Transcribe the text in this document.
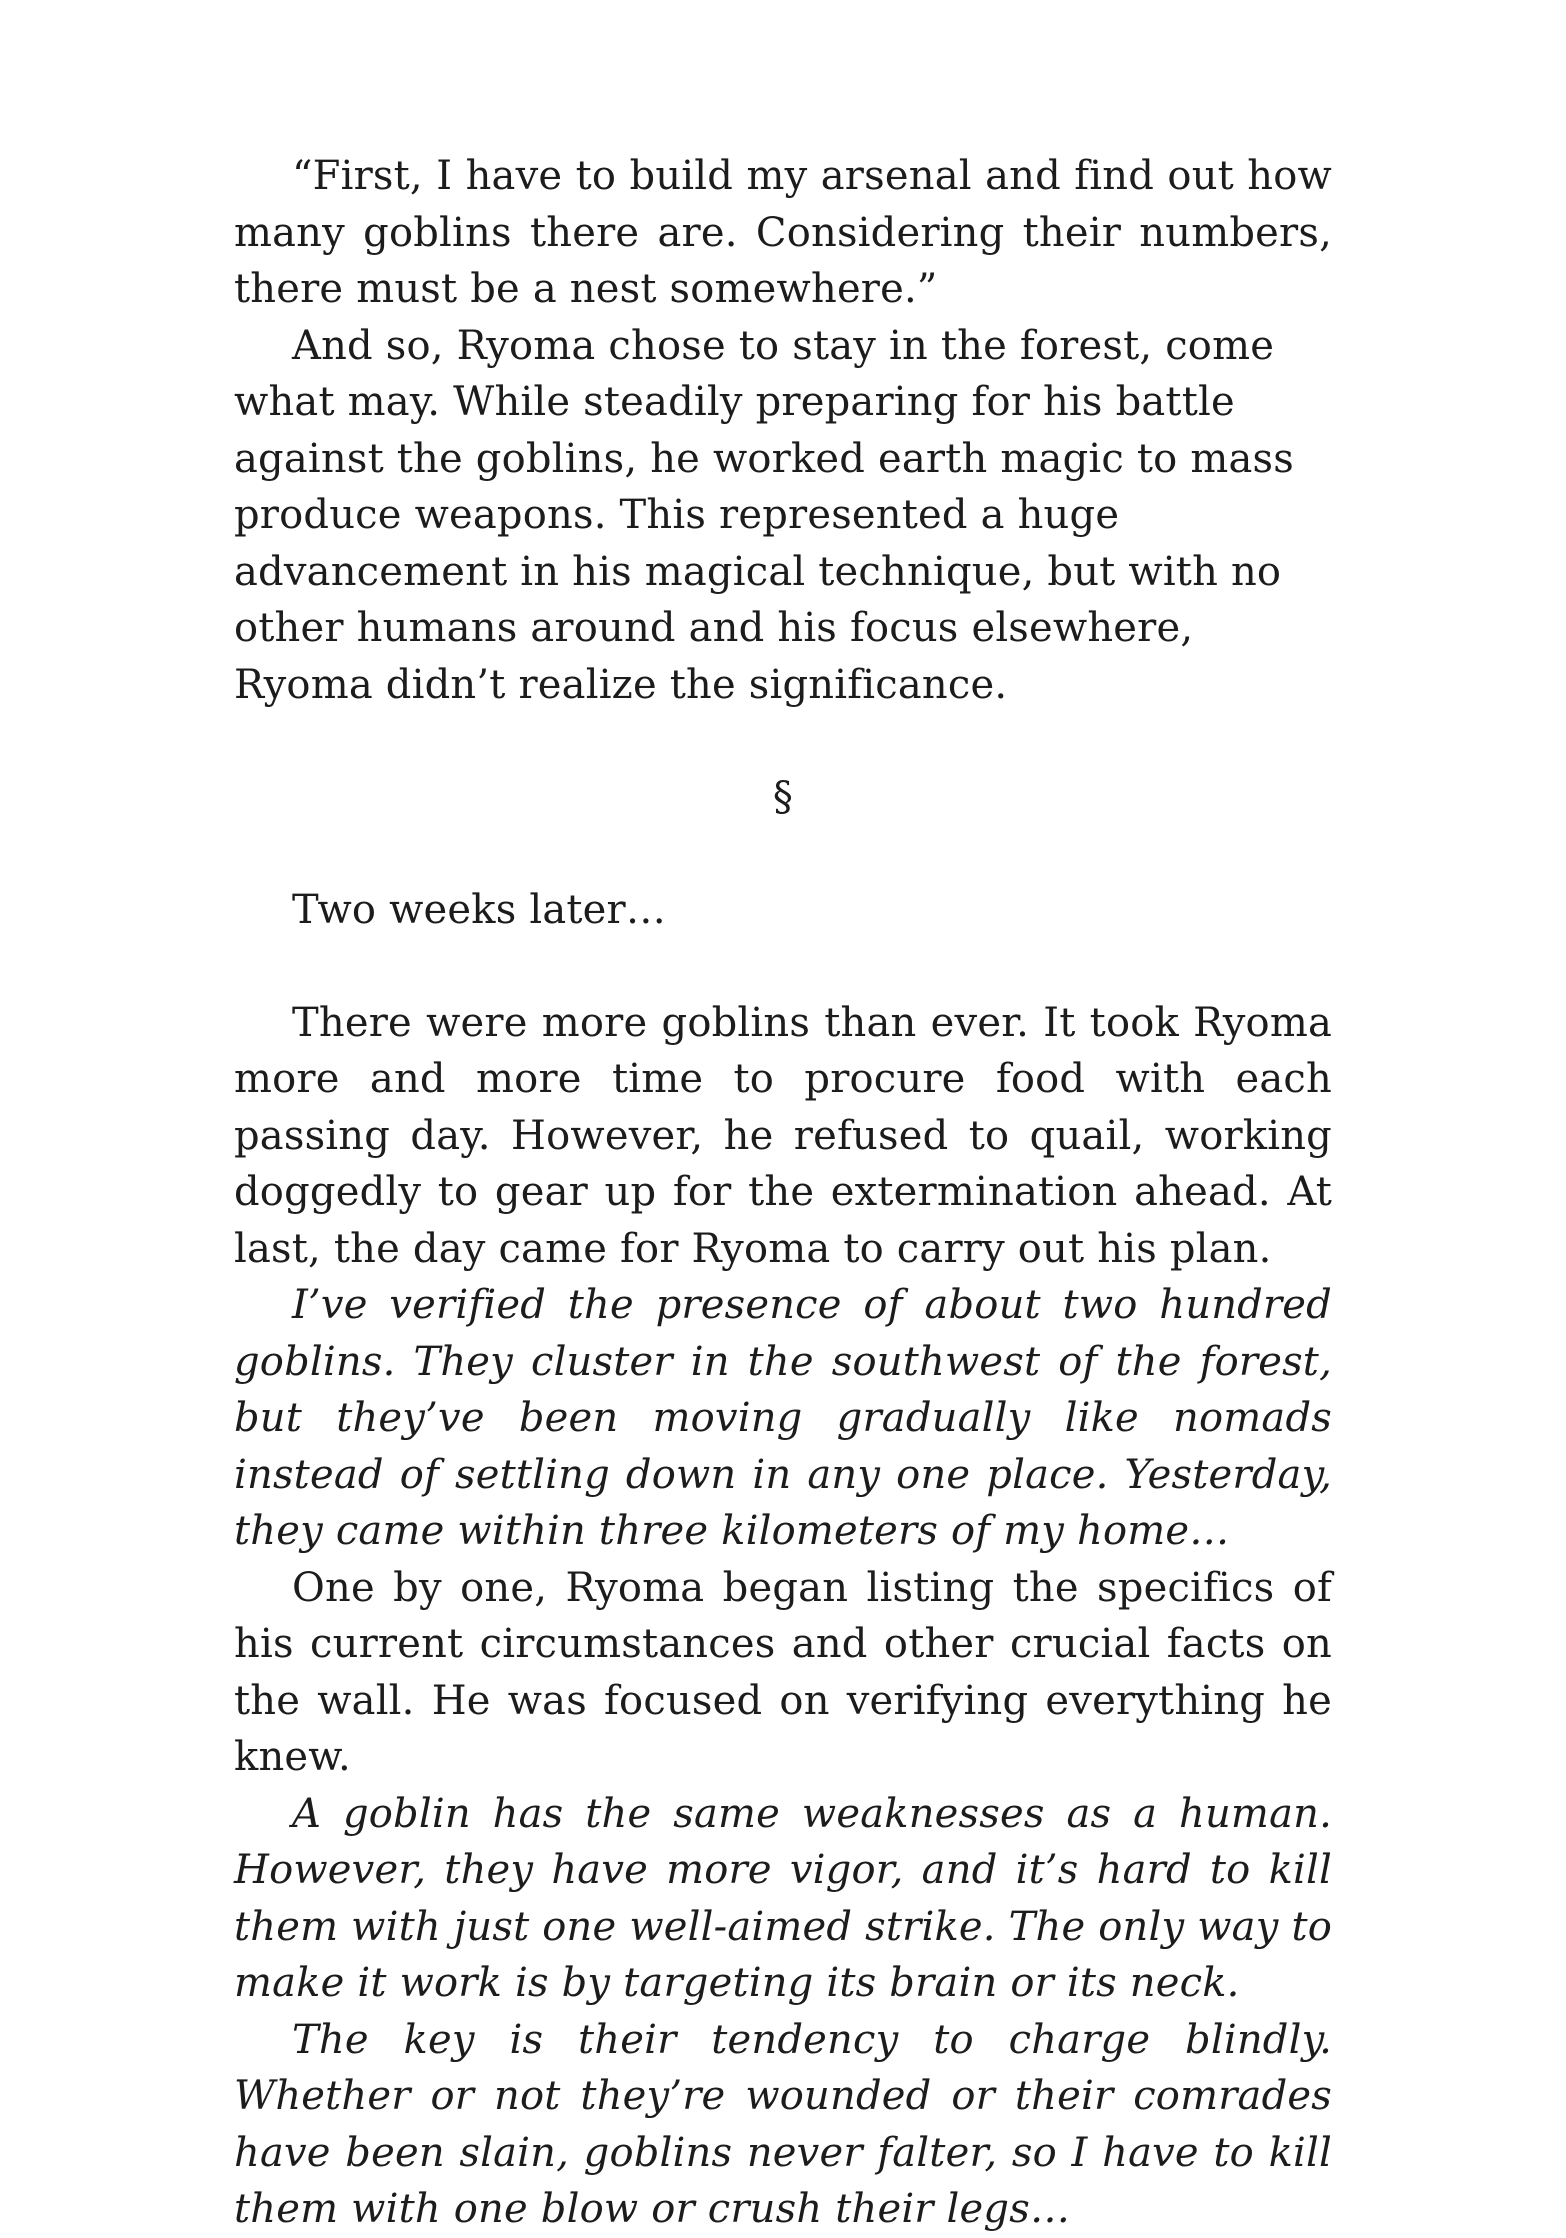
“First, I have to build my arsenal and find out how many goblins there are. Considering their numbers, there must be a nest somewhere.”

And so, Ryoma chose to stay in the forest, come what may. While steadily preparing for his battle against the goblins, he worked earth magic to mass produce weapons. This represented a huge advancement in his magical technique, but with no other humans around and his focus elsewhere, Ryoma didn’t realize the significance.

§

Two weeks later…

There were more goblins than ever. It took Ryoma more and more time to procure food with each passing day. However, he refused to quail, working doggedly to gear up for the extermination ahead. At last, the day came for Ryoma to carry out his plan.

I’ve verified the presence of about two hundred goblins. They cluster in the southwest of the forest, but they’ve been moving gradually like nomads instead of settling down in any one place. Yesterday, they came within three kilometers of my home…

One by one, Ryoma began listing the specifics of his current circumstances and other crucial facts on the wall. He was focused on verifying everything he knew.

A goblin has the same weaknesses as a human. However, they have more vigor, and it’s hard to kill them with just one well-aimed strike. The only way to make it work is by targeting its brain or its neck.

The key is their tendency to charge blindly. Whether or not they’re wounded or their comrades have been slain, goblins never falter, so I have to kill them with one blow or crush their legs…
